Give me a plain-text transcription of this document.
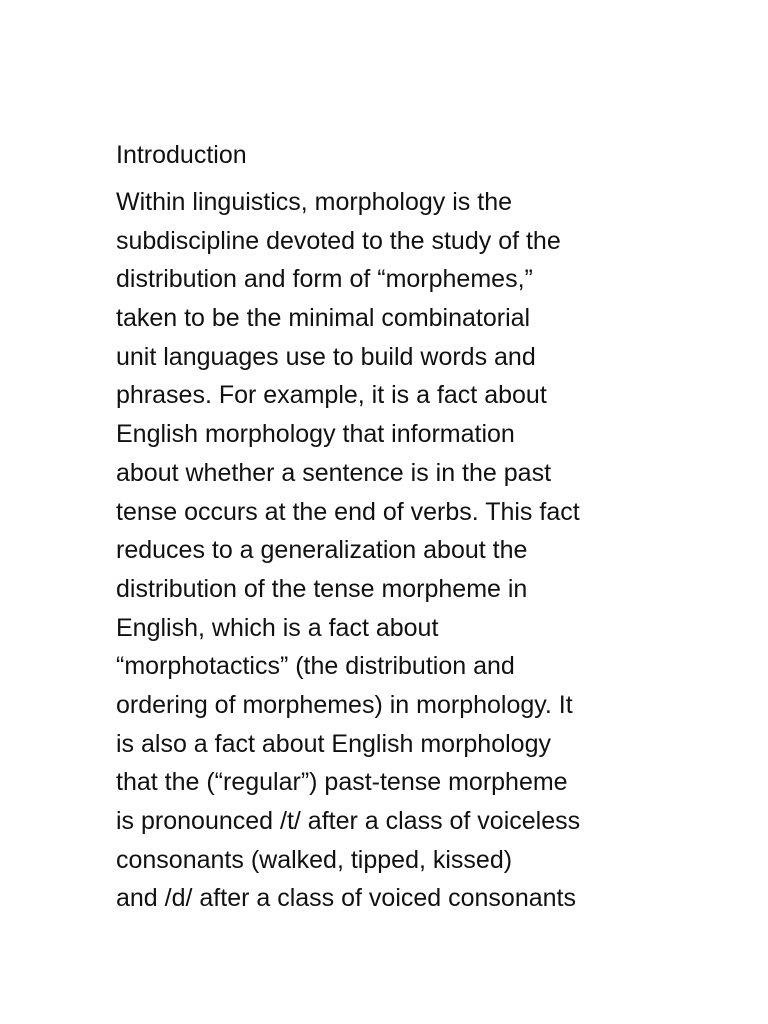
Introduction
Within linguistics, morphology is the
subdiscipline devoted to the study of the
distribution and form of “morphemes,”
taken to be the minimal combinatorial
unit languages use to build words and
phrases. For example, it is a fact about
English morphology that information
about whether a sentence is in the past
tense occurs at the end of verbs. This fact
reduces to a generalization about the
distribution of the tense morpheme in
English, which is a fact about
“morphotactics” (the distribution and
ordering of morphemes) in morphology. It
is also a fact about English morphology
that the (“regular”) past-tense morpheme
is pronounced /t/ after a class of voiceless
consonants (walked, tipped, kissed)
and /d/ after a class of voiced consonants
